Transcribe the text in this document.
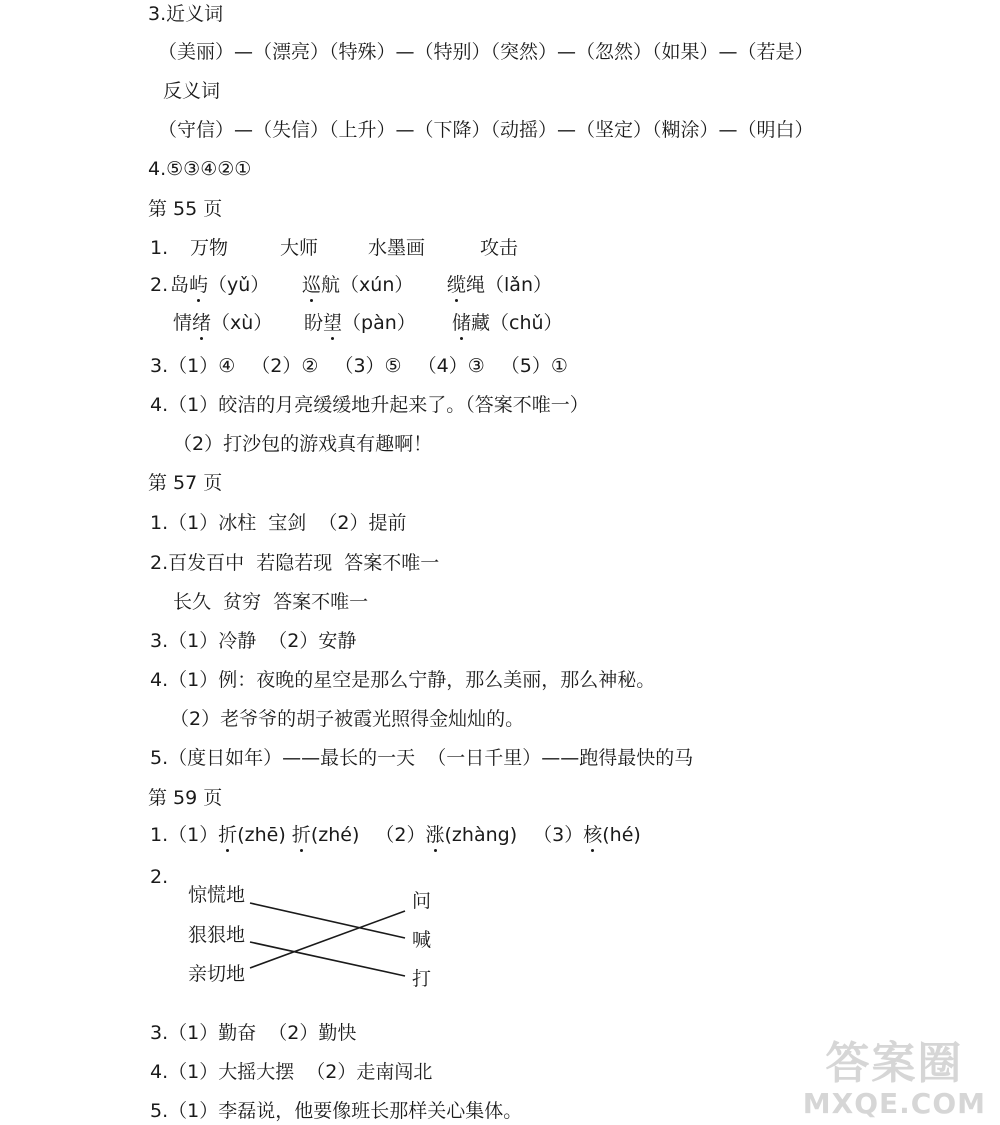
3.近义词
（美丽）—（漂亮）（特殊）—（特别）（突然）—（忽然）（如果）—（若是）
反义词
（守信）—（失信）（上升）—（下降）（动摇）—（坚定）（糊涂）—（明白）
4.⑤③④②①
第 55 页
1. 万物	大师	水墨画	攻击
2. 岛屿（yǔ） 巡航（xún） 缆绳（lǎn）
情绪（xù） 盼望（pàn） 储藏（chǔ）
3.（1）④ （2）② （3）⑤ （4）③ （5）①
4.（1）皎洁的月亮缓缓地升起来了。（答案不唯一）
（2）打沙包的游戏真有趣啊！
第 57 页
1.（1）冰柱  宝剑  （2）提前
2.百发百中  若隐若现  答案不唯一
长久  贫穷  答案不唯一
3.（1）冷静  （2）安静
4.（1）例：夜晚的星空是那么宁静，那么美丽，那么神秘。
（2）老爷爷的胡子被霞光照得金灿灿的。
5.（度日如年）——最长的一天  （一日千里）——跑得最快的马
第 59 页
1.（1）折(zhē) 折(zhé) （2）涨(zhàng) （3）核(hé)
2.
惊慌地
狠狠地
亲切地
问
喊
打
3.（1）勤奋  （2）勤快
4.（1）大摇大摆  （2）走南闯北
5.（1）李磊说，他要像班长那样关心集体。
答案圈
MXQE.COM
